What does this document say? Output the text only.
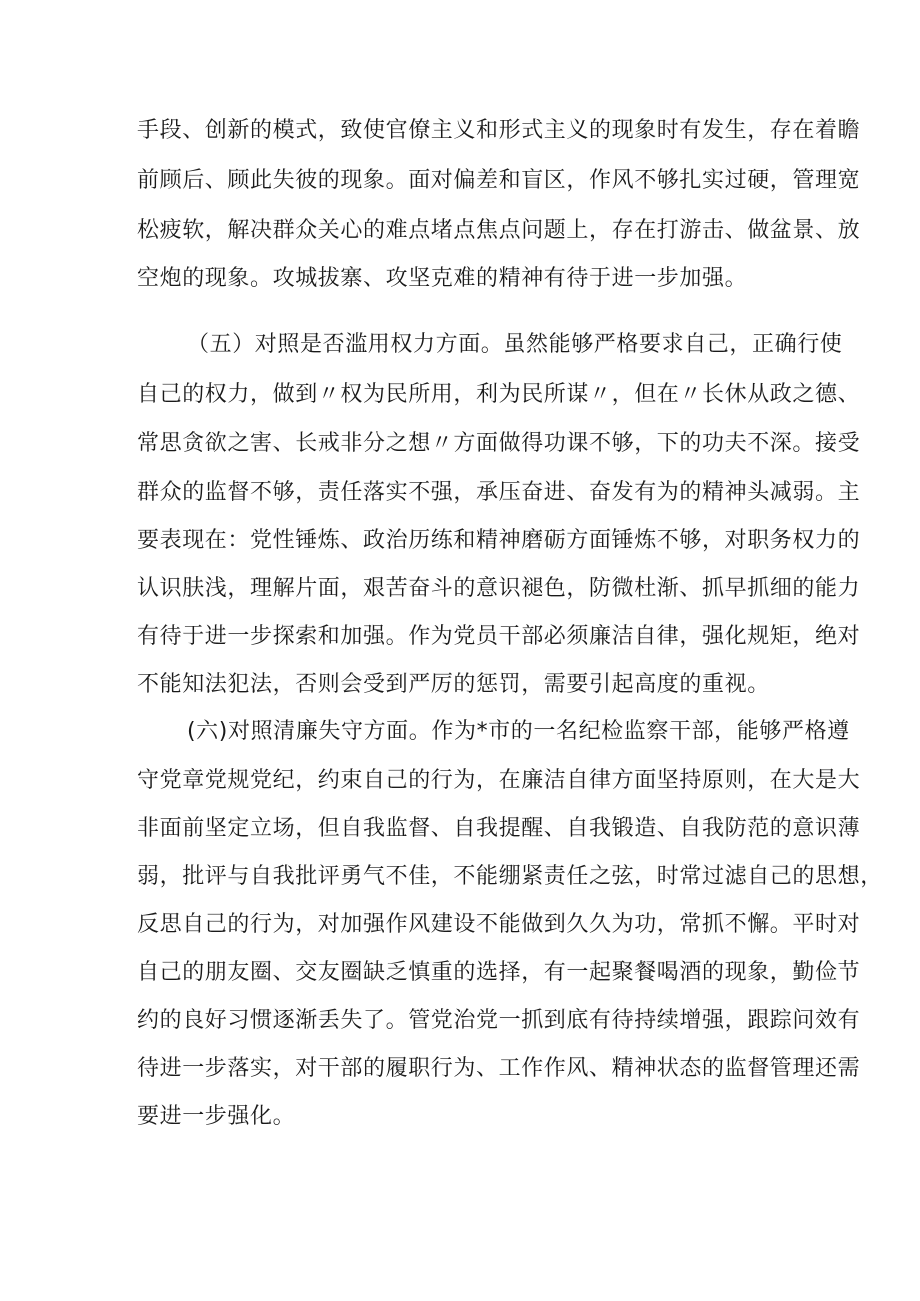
手段、创新的模式，致使官僚主义和形式主义的现象时有发生，存在着瞻
前顾后、顾此失彼的现象。面对偏差和盲区，作风不够扎实过硬，管理宽
松疲软，解决群众关心的难点堵点焦点问题上，存在打游击、做盆景、放
空炮的现象。攻城拔寨、攻坚克难的精神有待于进一步加强。
（五）对照是否滥用权力方面。虽然能够严格要求自己，正确行使
自己的权力，做到〃权为民所用，利为民所谋〃，但在〃长休从政之德、
常思贪欲之害、长戒非分之想〃方面做得功课不够，下的功夫不深。接受
群众的监督不够，责任落实不强，承压奋进、奋发有为的精神头减弱。主
要表现在：党性锤炼、政治历练和精神磨砺方面锤炼不够，对职务权力的
认识肤浅，理解片面，艰苦奋斗的意识褪色，防微杜渐、抓早抓细的能力
有待于进一步探索和加强。作为党员干部必须廉洁自律，强化规矩，绝对
不能知法犯法，否则会受到严厉的惩罚，需要引起高度的重视。
(六)对照清廉失守方面。作为*市的一名纪检监察干部，能够严格遵
守党章党规党纪，约束自己的行为，在廉洁自律方面坚持原则，在大是大
非面前坚定立场，但自我监督、自我提醒、自我锻造、自我防范的意识薄
弱，批评与自我批评勇气不佳，不能绷紧责任之弦，时常过滤自己的思想，
反思自己的行为，对加强作风建设不能做到久久为功，常抓不懈。平时对
自己的朋友圈、交友圈缺乏慎重的选择，有一起聚餐喝酒的现象，勤俭节
约的良好习惯逐渐丢失了。管党治党一抓到底有待持续增强，跟踪问效有
待进一步落实，对干部的履职行为、工作作风、精神状态的监督管理还需
要进一步强化。
